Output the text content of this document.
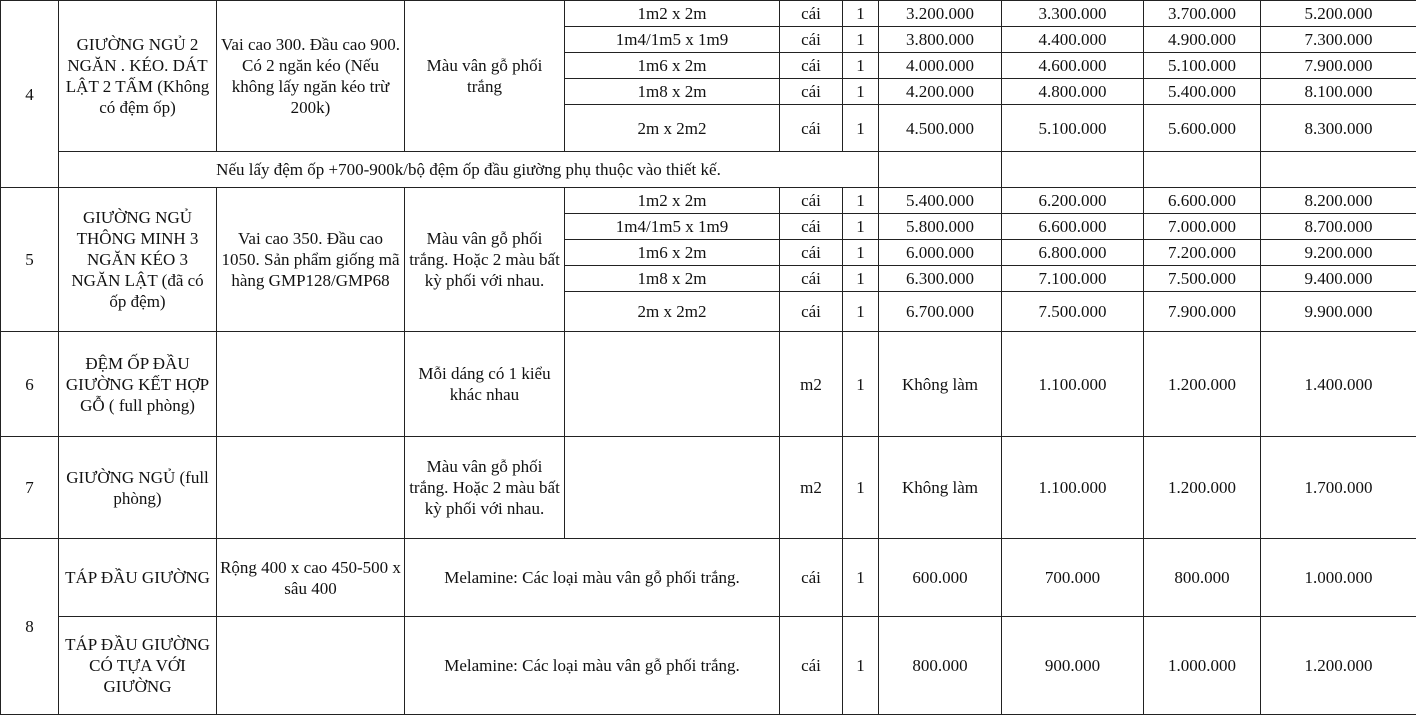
4	GIƯỜNG NGỦ 2 NGĂN . KÉO. DÁT LẬT 2 TẤM (Không có đệm ốp)	Vai cao 300. Đầu cao 900. Có 2 ngăn kéo (Nếu không lấy ngăn kéo trừ 200k)	Màu vân gỗ phối trắng	1m2 x 2m	cái	1	3.200.000	3.300.000	3.700.000	5.200.000
				1m4/1m5 x 1m9	cái	1	3.800.000	4.400.000	4.900.000	7.300.000
				1m6 x 2m	cái	1	4.000.000	4.600.000	5.100.000	7.900.000
				1m8 x 2m	cái	1	4.200.000	4.800.000	5.400.000	8.100.000
				2m x 2m2	cái	1	4.500.000	5.100.000	5.600.000	8.300.000
	Nếu lấy đệm ốp +700-900k/bộ đệm ốp đầu giường phụ thuộc vào thiết kế.									
5	GIƯỜNG NGỦ THÔNG MINH 3 NGĂN KÉO 3 NGĂN LẬT (đã có ốp đệm)	Vai cao 350. Đầu cao 1050. Sản phẩm giống mã hàng GMP128/GMP68	Màu vân gỗ phối trắng. Hoặc 2 màu bất kỳ phối với nhau.	1m2 x 2m	cái	1	5.400.000	6.200.000	6.600.000	8.200.000
				1m4/1m5 x 1m9	cái	1	5.800.000	6.600.000	7.000.000	8.700.000
				1m6 x 2m	cái	1	6.000.000	6.800.000	7.200.000	9.200.000
				1m8 x 2m	cái	1	6.300.000	7.100.000	7.500.000	9.400.000
				2m x 2m2	cái	1	6.700.000	7.500.000	7.900.000	9.900.000
6	ĐỆM ỐP ĐẦU GIƯỜNG KẾT HỢP GỖ ( full phòng)		Mỗi dáng có 1 kiểu khác nhau		m2	1	Không làm	1.100.000	1.200.000	1.400.000
7	GIƯỜNG NGỦ (full phòng)		Màu vân gỗ phối trắng. Hoặc 2 màu bất kỳ phối với nhau.		m2	1	Không làm	1.100.000	1.200.000	1.700.000
8	TÁP ĐẦU GIƯỜNG	Rộng 400 x cao 450-500 x sâu 400	Melamine: Các loại màu vân gỗ phối trắng.		cái	1	600.000	700.000	800.000	1.000.000
	TÁP ĐẦU GIƯỜNG CÓ TỰA VỚI GIƯỜNG		Melamine: Các loại màu vân gỗ phối trắng.		cái	1	800.000	900.000	1.000.000	1.200.000
